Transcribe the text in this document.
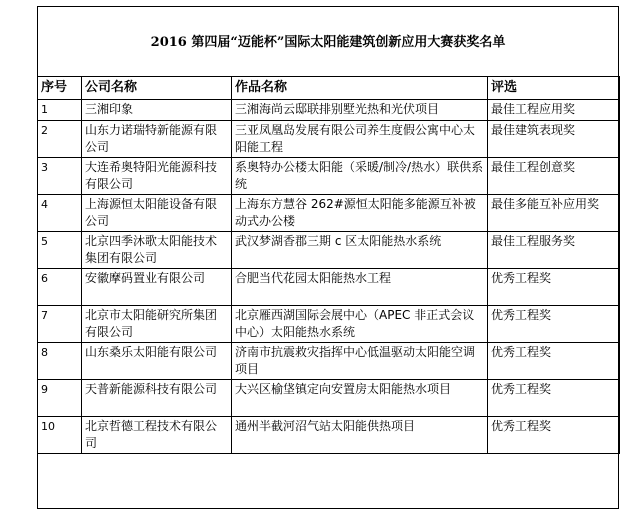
2016 第四届“迈能杯”国际太阳能建筑创新应用大赛获奖名单
序号	公司名称	作品名称	评选
1	三湘印象	三湘海尚云邸联排别墅光热和光伏项目	最佳工程应用奖
2	山东力诺瑞特新能源有限公司	三亚凤凰岛发展有限公司养生度假公寓中心太阳能工程	最佳建筑表现奖
3	大连希奥特阳光能源科技有限公司	系奥特办公楼太阳能（采暖/制冷/热水）联供系统	最佳工程创意奖
4	上海源恒太阳能设备有限公司	上海东方慧谷 262#源恒太阳能多能源互补被动式办公楼	最佳多能互补应用奖
5	北京四季沐歌太阳能技术集团有限公司	武汉梦湖香郡三期 c 区太阳能热水系统	最佳工程服务奖
6	安徽摩码置业有限公司	合肥当代花园太阳能热水工程	优秀工程奖
7	北京市太阳能研究所集团有限公司	北京雁西湖国际会展中心（APEC 非正式会议中心）太阳能热水系统	优秀工程奖
8	山东桑乐太阳能有限公司	济南市抗震救灾指挥中心低温驱动太阳能空调项目	优秀工程奖
9	天普新能源科技有限公司	大兴区榆垡镇定向安置房太阳能热水项目	优秀工程奖
10	北京哲德工程技术有限公司	通州半截河沼气站太阳能供热项目	优秀工程奖
